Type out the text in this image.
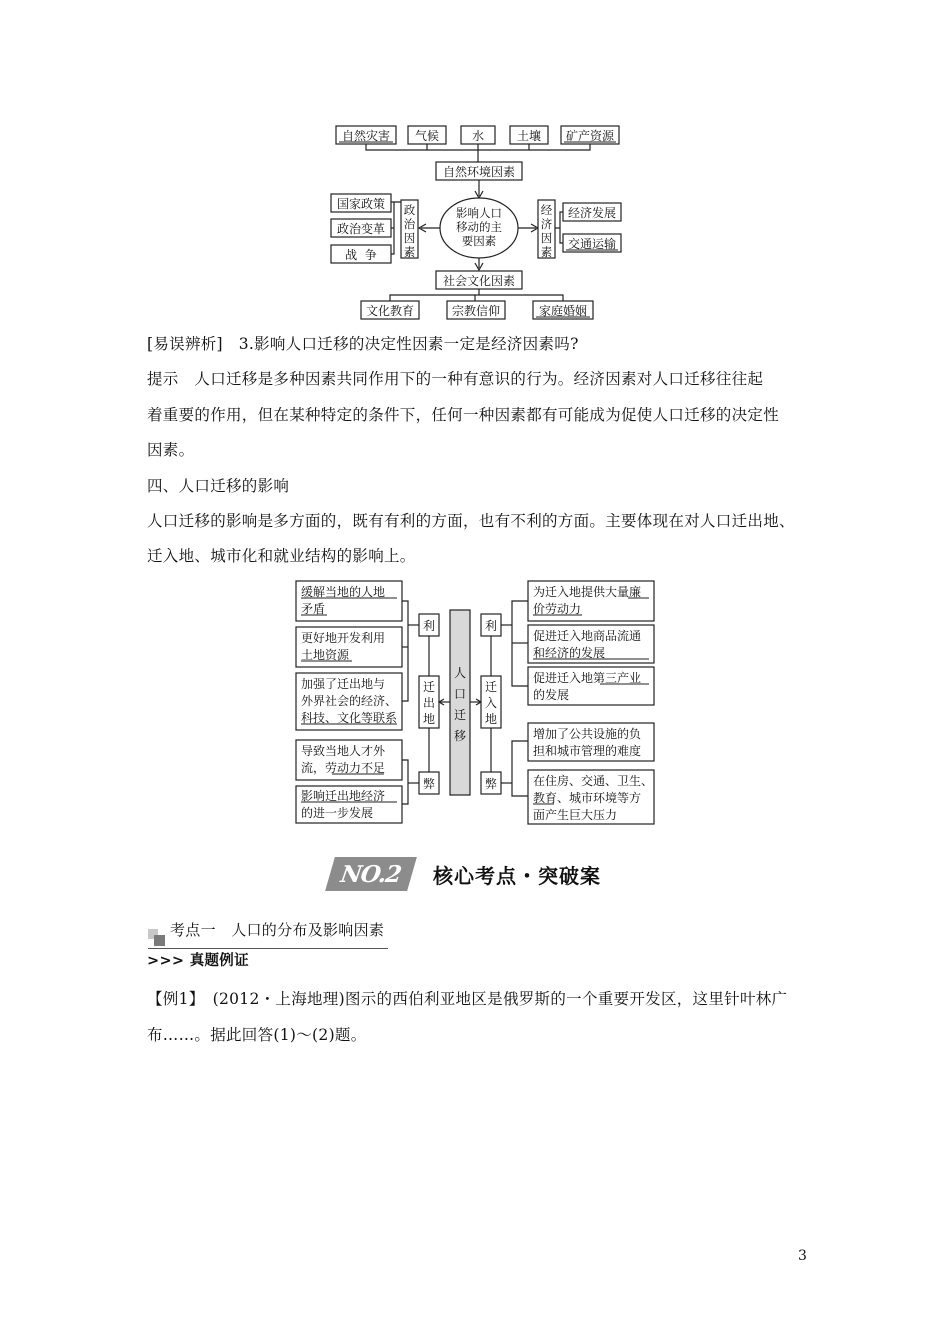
自然灾害 气候	水	土壤 矿产资源
自然环境因素
影响人口
移动的主
要因素
政
治
因
素
国家政策
政治变革
战  争
经
济
因
素
经济发展
交通运输
社会文化因素
文化教育	宗教信仰	家庭婚姻
[易误辨析]　3.影响人口迁移的决定性因素一定是经济因素吗?
提示　人口迁移是多种因素共同作用下的一种有意识的行为。经济因素对人口迁移往往起
着重要的作用，但在某种特定的条件下，任何一种因素都有可能成为促使人口迁移的决定性
因素。
四、人口迁移的影响
人口迁移的影响是多方面的，既有有利的方面，也有不利的方面。主要体现在对人口迁出地、
迁入地、城市化和就业结构的影响上。
缓解当地的人地
矛盾
更好地开发利用
土地资源
加强了迁出地与
外界社会的经济、
科技、文化等联系
导致当地人才外
流，劳动力不足
影响迁出地经济
的进一步发展
利
弊
迁
出
地
人
口
迁
移
利
弊
迁
入
地
为迁入地提供大量廉
价劳动力
促进迁入地商品流通
和经济的发展
促进迁入地第三产业
的发展
增加了公共设施的负
担和城市管理的难度
在住房、交通、卫生、
教育、城市环境等方
面产生巨大压力
NO.2 核心考点・突破案
考点一　人口的分布及影响因素
>>> 真题例证
【例1】　(2012・上海地理)图示的西伯利亚地区是俄罗斯的一个重要开发区，这里针叶林广
布……。据此回答(1)～(2)题。
3
